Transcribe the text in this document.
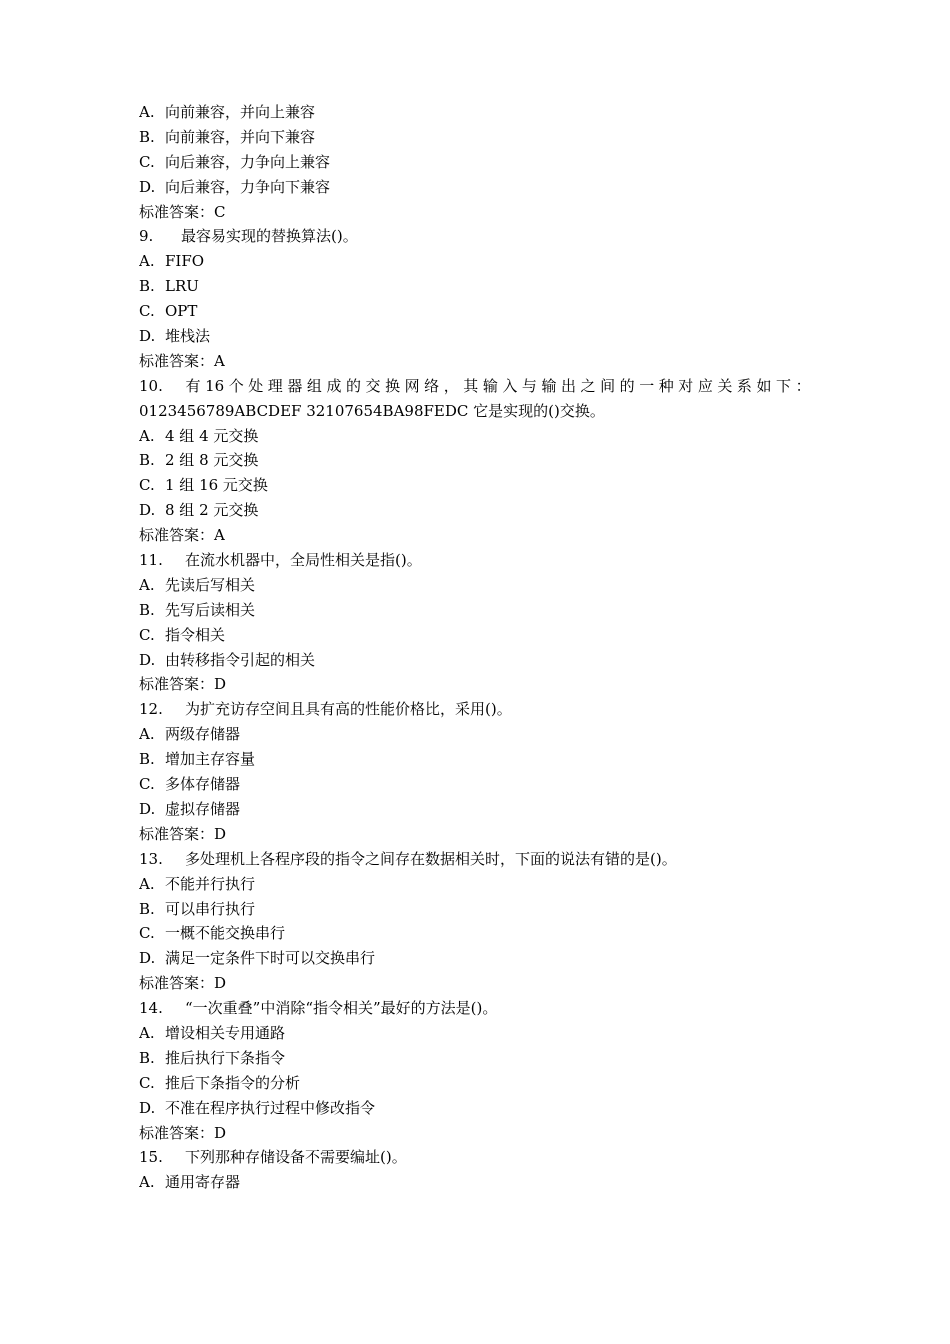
A. 向前兼容，并向上兼容
B. 向前兼容，并向下兼容
C. 向后兼容，力争向上兼容
D. 向后兼容，力争向下兼容
标准答案：C
9. 最容易实现的替换算法()。
A. FIFO
B. LRU
C. OPT
D. 堆栈法
标准答案：A
10.	有 16 个 处 理 器 组 成 的 交 换 网 络 ， 其 输 入 与 输 出 之 间 的 一 种 对 应 关 系 如 下 ：
0123456789ABCDEF 32107654BA98FEDC 它是实现的()交换。
A. 4 组 4 元交换
B. 2 组 8 元交换
C. 1 组 16 元交换
D. 8 组 2 元交换
标准答案：A
11. 在流水机器中，全局性相关是指()。
A. 先读后写相关
B. 先写后读相关
C. 指令相关
D. 由转移指令引起的相关
标准答案：D
12. 为扩充访存空间且具有高的性能价格比，采用()。
A. 两级存储器
B. 增加主存容量
C. 多体存储器
D. 虚拟存储器
标准答案：D
13. 多处理机上各程序段的指令之间存在数据相关时，下面的说法有错的是()。
A. 不能并行执行
B. 可以串行执行
C. 一概不能交换串行
D. 满足一定条件下时可以交换串行
标准答案：D
14. “一次重叠”中消除“指令相关”最好的方法是()。
A. 增设相关专用通路
B. 推后执行下条指令
C. 推后下条指令的分析
D. 不准在程序执行过程中修改指令
标准答案：D
15. 下列那种存储设备不需要编址()。
A. 通用寄存器
